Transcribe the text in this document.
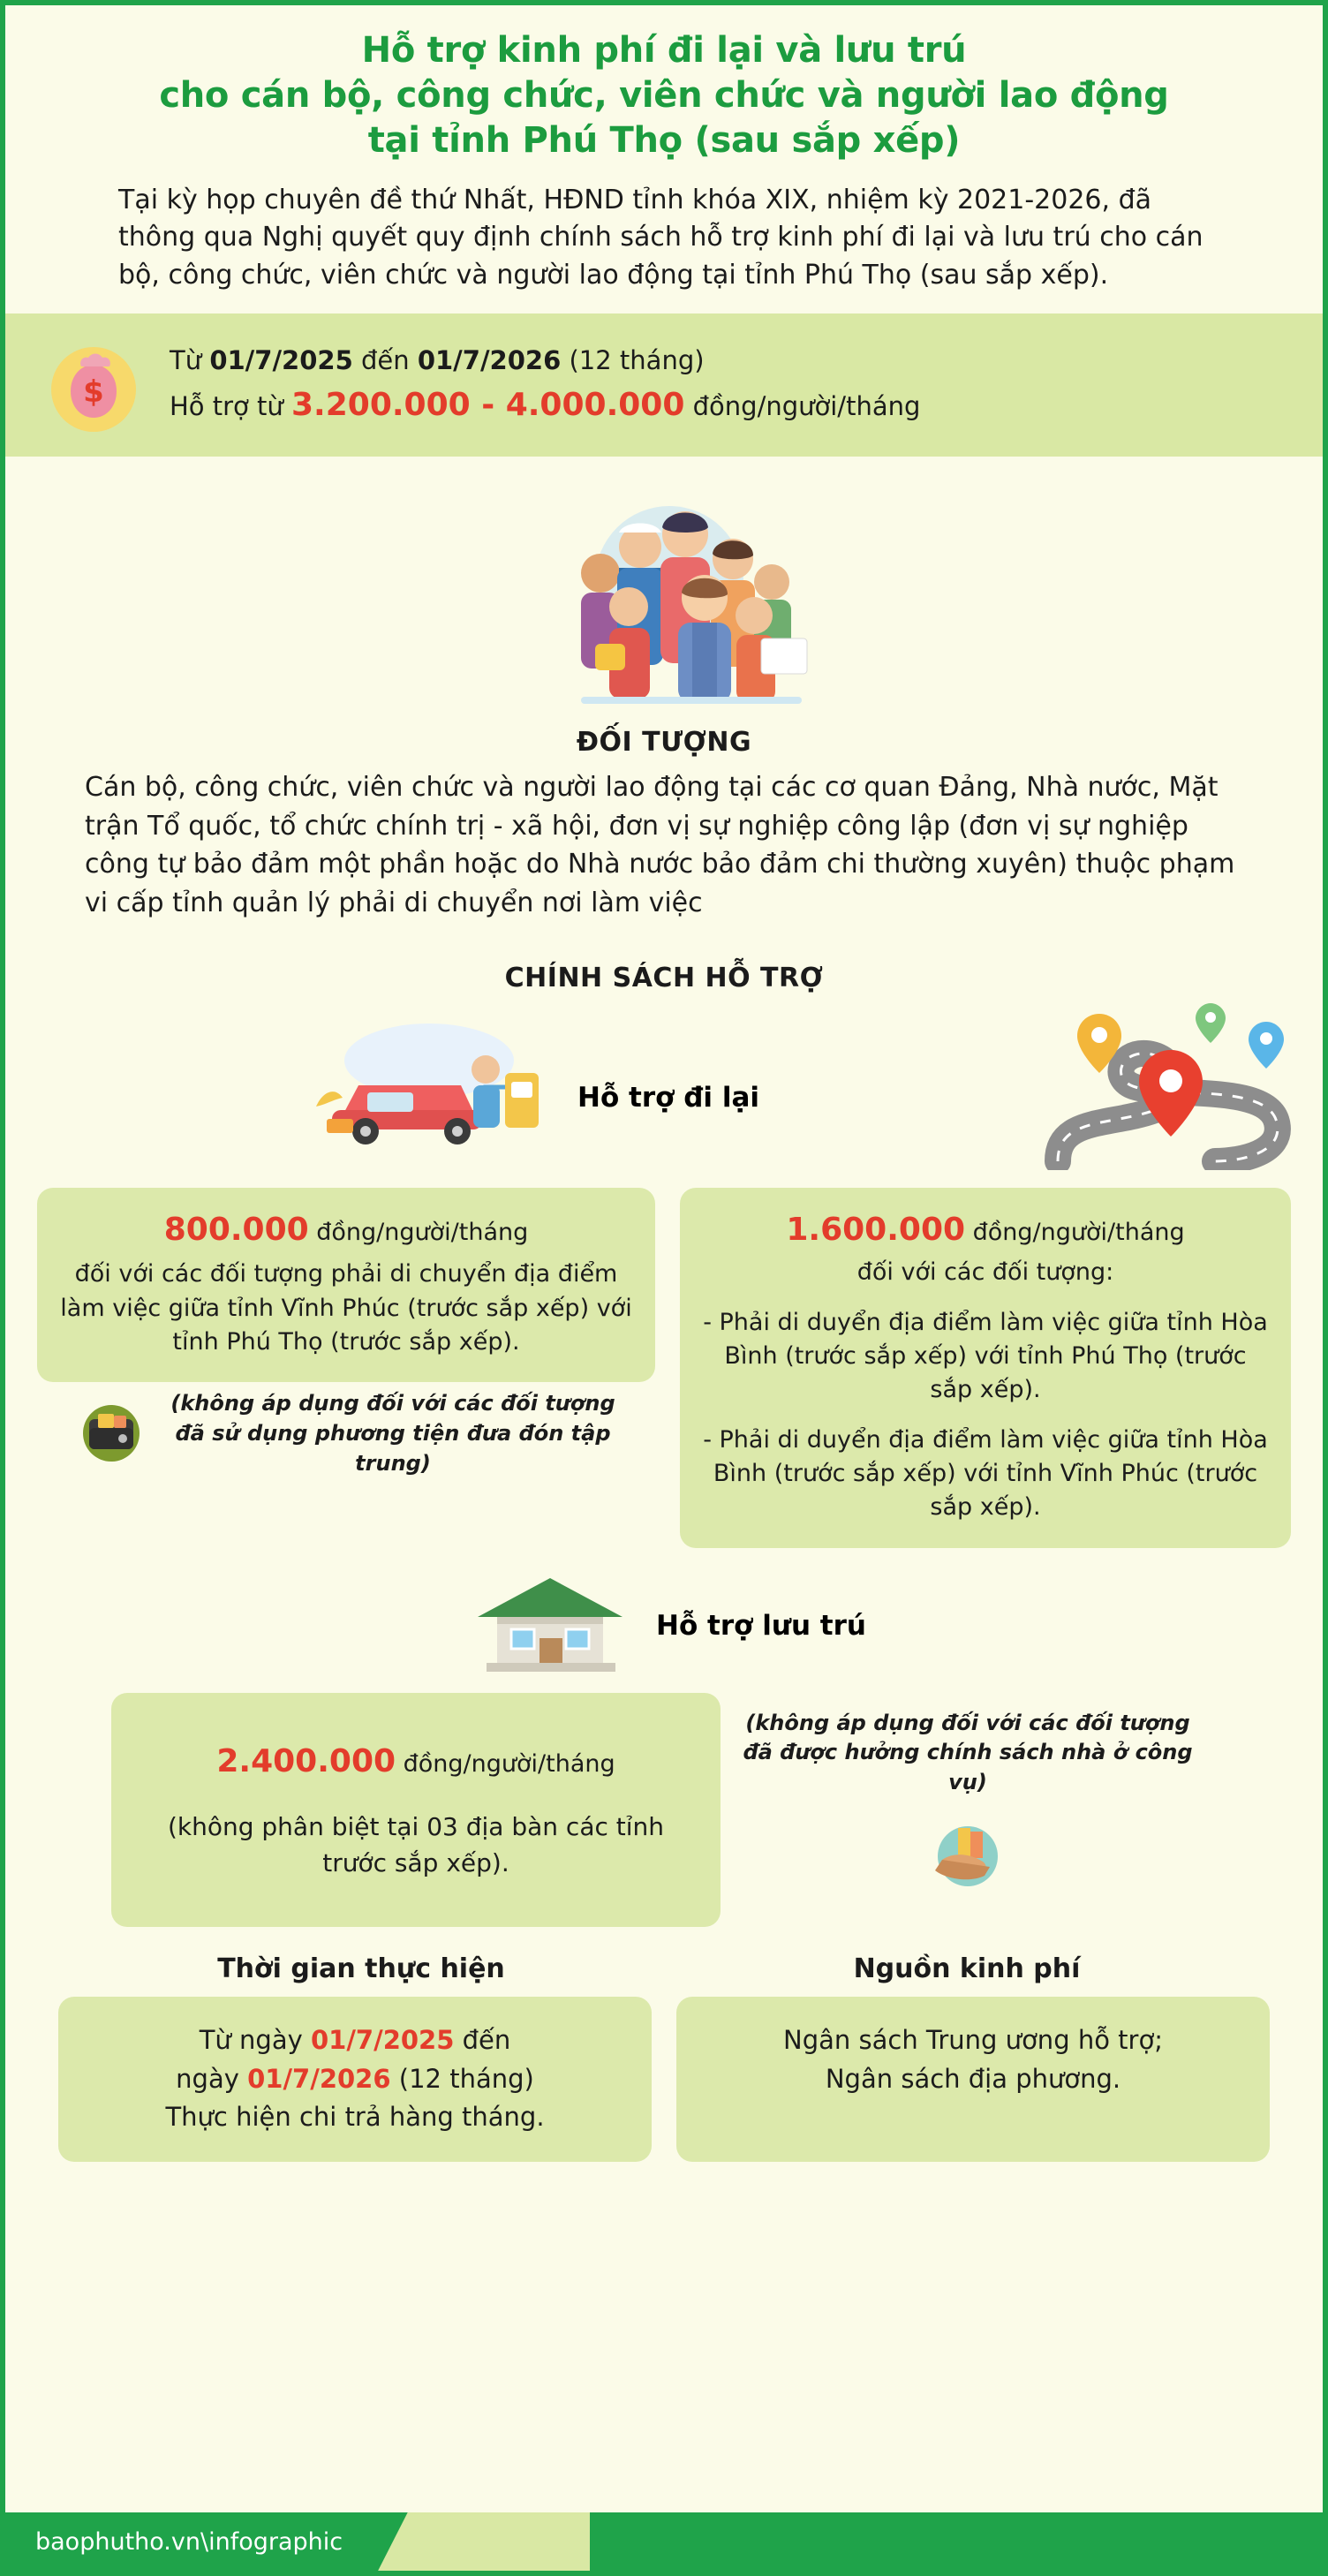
Hỗ trợ kinh phí đi lại và lưu trú
cho cán bộ, công chức, viên chức và người lao động
tại tỉnh Phú Thọ (sau sắp xếp)
Tại kỳ họp chuyên đề thứ Nhất, HĐND tỉnh khóa XIX, nhiệm kỳ 2021-2026, đã thông qua Nghị quyết quy định chính sách hỗ trợ kinh phí đi lại và lưu trú cho cán bộ, công chức, viên chức và người lao động tại tỉnh Phú Thọ (sau sắp xếp).
$
Từ 01/7/2025 đến 01/7/2026 (12 tháng)
Hỗ trợ từ 3.200.000 - 4.000.000 đồng/người/tháng
ĐỐI TƯỢNG
Cán bộ, công chức, viên chức và người lao động tại các cơ quan Đảng, Nhà nước, Mặt trận Tổ quốc, tổ chức chính trị - xã hội, đơn vị sự nghiệp công lập (đơn vị sự nghiệp công tự bảo đảm một phần hoặc do Nhà nước bảo đảm chi thường xuyên) thuộc phạm vi cấp tỉnh quản lý phải di chuyển nơi làm việc
CHÍNH SÁCH HỖ TRỢ
Hỗ trợ đi lại

800.000 đồng/người/tháng

đối với các đối tượng phải di chuyển địa điểm làm việc giữa tỉnh Vĩnh Phúc (trước sắp xếp) với tỉnh Phú Thọ (trước sắp xếp).

(không áp dụng đối với các đối tượng đã sử dụng phương tiện đưa đón tập trung)

1.600.000 đồng/người/tháng

đối với các đối tượng:

- Phải di duyển địa điểm làm việc giữa tỉnh Hòa Bình (trước sắp xếp) với tỉnh Phú Thọ (trước sắp xếp).

- Phải di duyển địa điểm làm việc giữa tỉnh Hòa Bình (trước sắp xếp) với tỉnh Vĩnh Phúc (trước sắp xếp).

Hỗ trợ lưu trú

2.400.000 đồng/người/tháng

(không phân biệt tại 03 địa bàn các tỉnh trước sắp xếp).

(không áp dụng đối với các đối tượng đã được hưởng chính sách nhà ở công vụ)
Thời gian thực hiện	Nguồn kinh phí
Từ ngày 01/7/2025 đến
ngày 01/7/2026 (12 tháng)
Thực hiện chi trả hàng tháng.
Ngân sách Trung ương hỗ trợ;
Ngân sách địa phương.
baophutho.vn\infographic
